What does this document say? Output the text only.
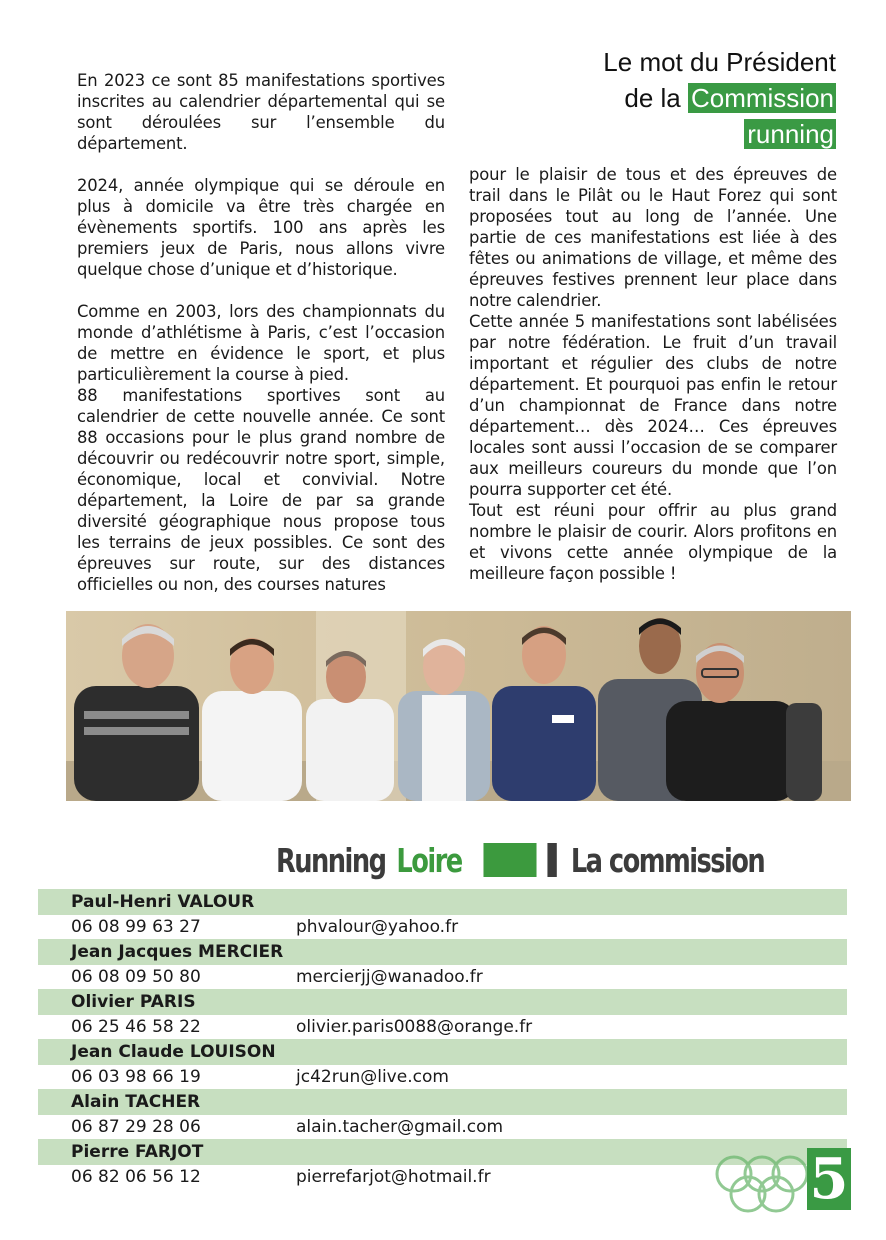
Le mot du Président
de la Commission
running

En 2023 ce sont 85 manifestations sportives inscrites au calendrier départemental qui se sont déroulées sur l’ensemble du département.

2024, année olympique qui se déroule en plus à domicile va être très chargée en évènements sportifs. 100 ans après les premiers jeux de Paris, nous allons vivre quelque chose d’unique et d’historique.

Comme en 2003, lors des championnats du monde d’athlétisme à Paris, c’est l’occasion de mettre en évidence le sport, et plus particulièrement la course à pied.

88 manifestations sportives sont au calendrier de cette nouvelle année. Ce sont 88 occasions pour le plus grand nombre de découvrir ou redécouvrir notre sport, simple, économique, local et convivial. Notre département, la Loire de par sa grande diversité géographique nous propose tous les terrains de jeux possibles. Ce sont des épreuves sur route, sur des distances officielles ou non, des courses natures

pour le plaisir de tous et des épreuves de trail dans le Pilât ou le Haut Forez qui sont proposées tout au long de l’année. Une partie de ces manifestations est liée à des fêtes ou animations de village, et même des épreuves festives prennent leur place dans notre calendrier.

Cette année 5 manifestations sont labélisées par notre fédération. Le fruit d’un travail important et régulier des clubs de notre département. Et pourquoi pas enfin le retour d’un championnat de France dans notre département… dès 2024… Ces épreuves locales sont aussi l’occasion de se comparer aux meilleurs coureurs du monde que l’on pourra supporter cet été.

Tout est réuni pour offrir au plus grand nombre le plaisir de courir. Alors profitons en et vivons cette année olympique de la meilleure façon possible !

Running Loire	La commission
Paul-Henri VALOUR
06 08 99 63 27	phvalour@yahoo.fr
Jean Jacques MERCIER
06 08 09 50 80	mercierjj@wanadoo.fr
Olivier PARIS
06 25 46 58 22	olivier.paris0088@orange.fr
Jean Claude LOUISON
06 03 98 66 19	jc42run@live.com
Alain TACHER
06 87 29 28 06	alain.tacher@gmail.com
Pierre FARJOT
06 82 06 56 12	pierrefarjot@hotmail.fr	5
